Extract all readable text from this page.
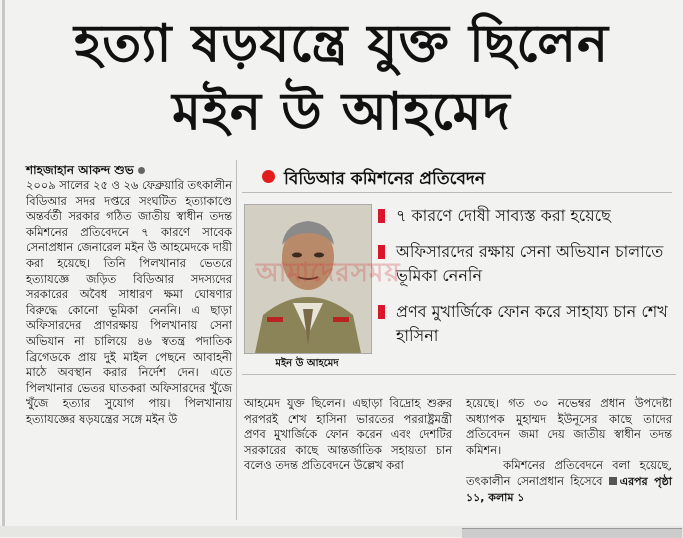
হত্যা ষড়যন্ত্রে যুক্ত ছিলেন
মইন উ আহমেদ
শাহজাহান আকন্দ শুভ

২০০৯ সালের ২৫ ও ২৬ ফেব্রুয়ারি তৎকালীন বিডিআর সদর দপ্তরে সংঘটিত হত্যাকাণ্ডে অন্তর্বর্তী সরকার গঠিত জাতীয় স্বাধীন তদন্ত কমিশনের প্রতিবেদনে ৭ কারণে সাবেক সেনাপ্রধান জেনারেল মইন উ আহমেদকে দায়ী করা হয়েছে। তিনি পিলখানার ভেতরে হত্যাযজ্ঞে জড়িত বিডিআর সদস্যদের সরকারের অবৈধ সাধারণ ক্ষমা ঘোষণার বিরুদ্ধে কোনো ভূমিকা নেননি। এ ছাড়া অফিসারদের প্রাণরক্ষায় পিলখানায় সেনা অভিযান না চালিয়ে ৪৬ স্বতন্ত্র পদাতিক ব্রিগেডকে প্রায় দুই মাইল পেছনে আবাহনী মাঠে অবস্থান করার নির্দেশ দেন। এতে পিলখানার ভেতর ঘাতকরা অফিসারদের খুঁজে খুঁজে হত্যার সুযোগ পায়। পিলখানায় হত্যাযজ্ঞের ষড়যন্ত্রের সঙ্গে মইন উ

বিডিআর কমিশনের প্রতিবেদন
মইন উ আহমেদ
৭ কারণে দোষী সাব্যস্ত করা হয়েছে
অফিসারদের রক্ষায় সেনা অভিযান চালাতে ভূমিকা নেননি
প্রণব মুখার্জিকে ফোন করে সাহায্য চান শেখ হাসিনা
আমাদেরসময়

আহমেদ যুক্ত ছিলেন। এছাড়া বিদ্রোহ শুরুর পরপরই শেখ হাসিনা ভারতের পররাষ্ট্রমন্ত্রী প্রণব মুখার্জিকে ফোন করেন এবং দেশটির সরকারের কাছে আন্তর্জাতিক সহায়তা চান বলেও তদন্ত প্রতিবেদনে উল্লেখ করা

হয়েছে। গত ৩০ নভেম্বর প্রধান উপদেষ্টা অধ্যাপক মুহাম্মদ ইউনূসের কাছে তাদের প্রতিবেদন জমা দেয় জাতীয় স্বাধীন তদন্ত কমিশন।

কমিশনের প্রতিবেদনে বলা হয়েছে, তৎকালীন সেনাপ্রধান হিসেবে এরপর পৃষ্ঠা ১১, কলাম ১
